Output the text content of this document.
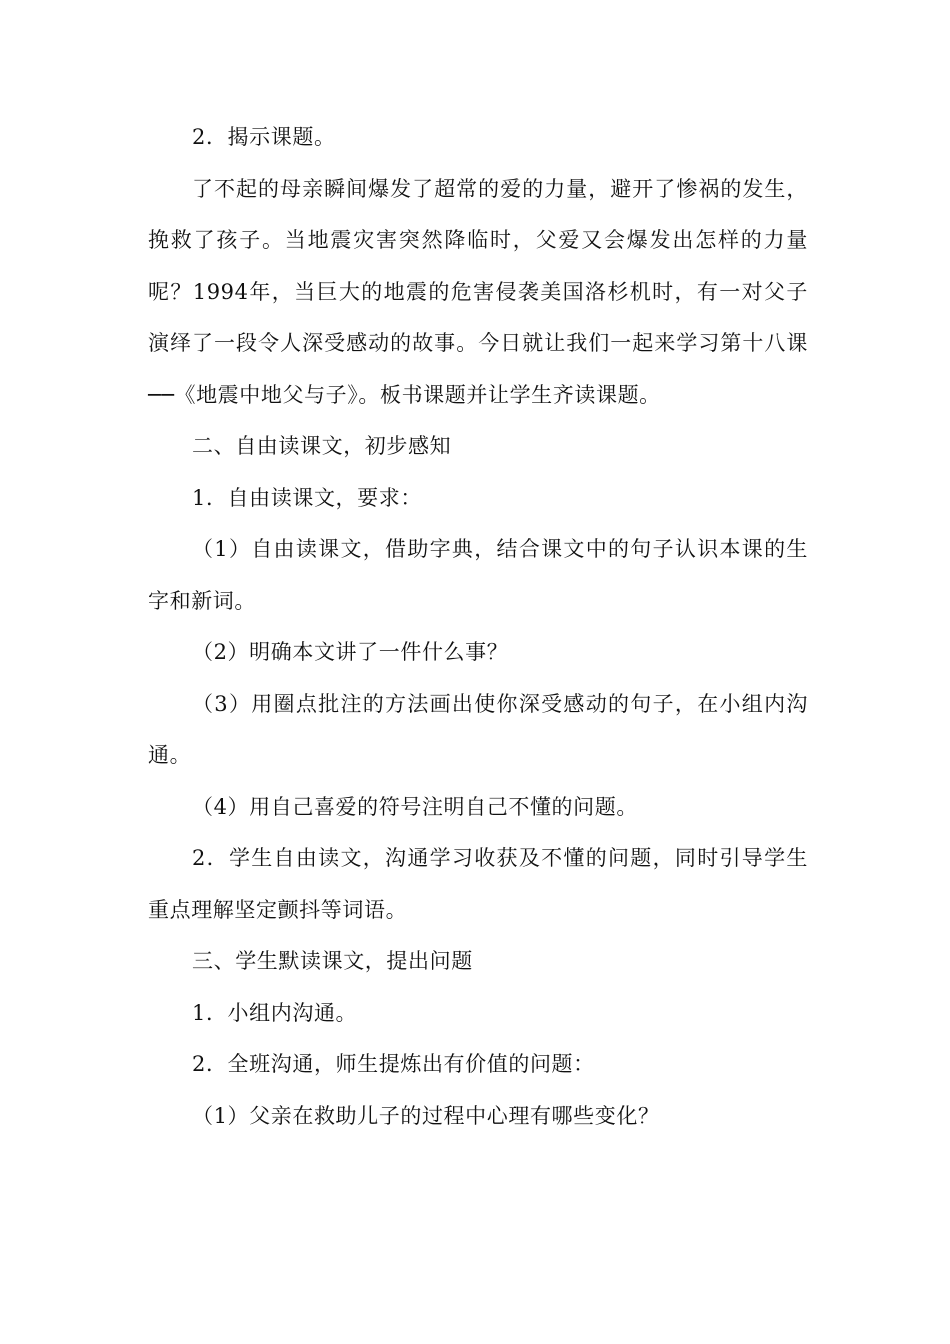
2．揭示课题。

了不起的母亲瞬间爆发了超常的爱的力量，避开了惨祸的发生，挽救了孩子。当地震灾害突然降临时，父爱又会爆发出怎样的力量呢？1994年，当巨大的地震的危害侵袭美国洛杉机时，有一对父子演绎了一段令人深受感动的故事。今日就让我们一起来学习第十八课──《地震中地父与子》。板书课题并让学生齐读课题。

二、自由读课文，初步感知

1．自由读课文，要求：

（1）自由读课文，借助字典，结合课文中的句子认识本课的生字和新词。

（2）明确本文讲了一件什么事？

（3）用圈点批注的方法画出使你深受感动的句子，在小组内沟通。

（4）用自己喜爱的符号注明自己不懂的问题。

2．学生自由读文，沟通学习收获及不懂的问题，同时引导学生重点理解坚定颤抖等词语。

三、学生默读课文，提出问题

1．小组内沟通。

2．全班沟通，师生提炼出有价值的问题：

（1）父亲在救助儿子的过程中心理有哪些变化？
